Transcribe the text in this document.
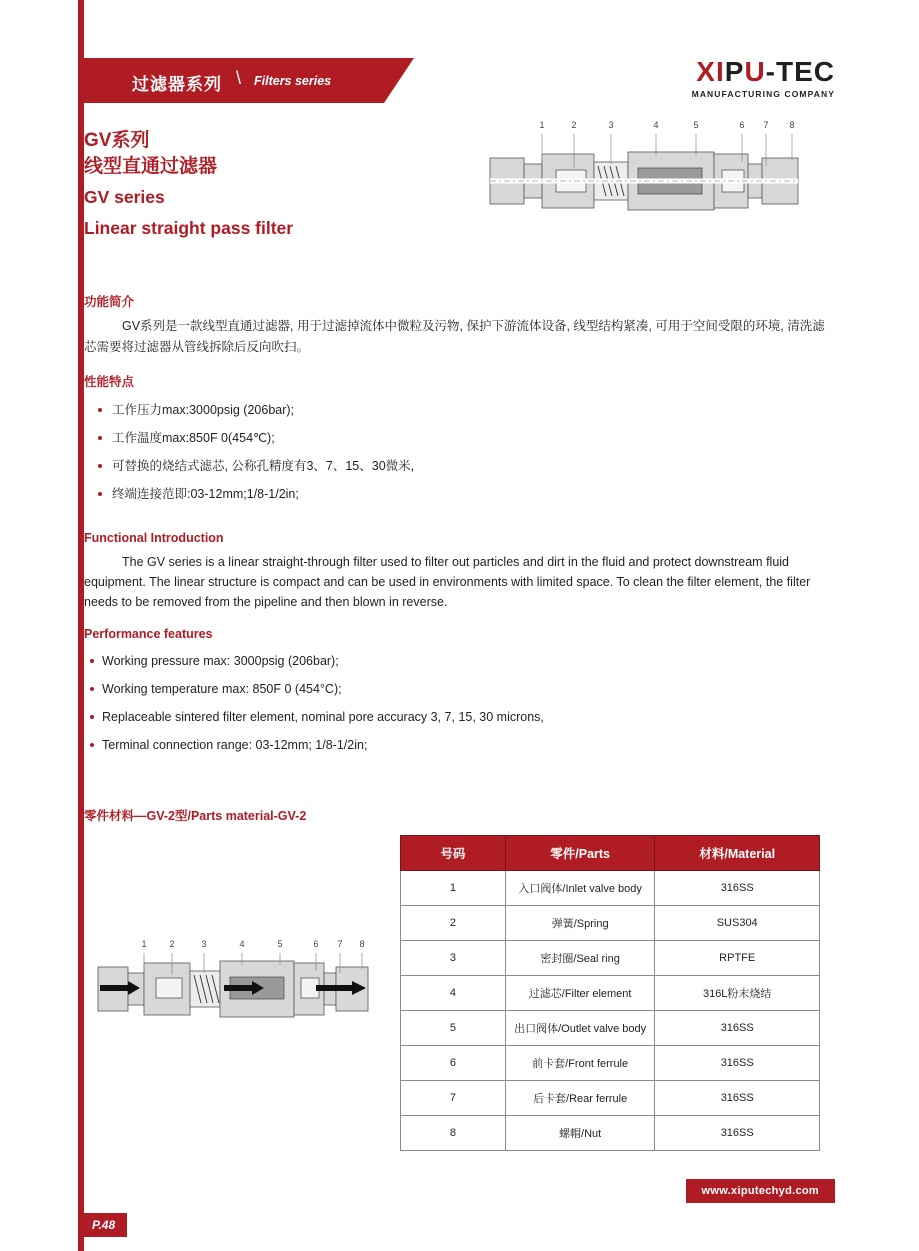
过滤器系列 \ Filters series	XIPU-TEC
MANUFACTURING COMPANY
GV系列
线型直通过滤器
GV series
Linear straight pass filter
1	2	3	4	5	6 7 8
功能简介
GV系列是一款线型直通过滤器, 用于过滤掉流体中微粒及污物, 保护下游流体设备, 线型结构紧凑, 可用于空间受限的环境, 清洗滤芯需要将过滤器从管线拆除后反向吹扫。
性能特点
工作压力max:3000psig (206bar);
工作温度max:850F 0(454℃);
可替换的烧结式滤芯, 公称孔精度有3、7、15、30微米,
终端连接范即:03-12mm;1/8-1/2in;
Functional Introduction
The GV series is a linear straight-through filter used to filter out particles and dirt in the fluid and protect downstream fluid equipment. The linear structure is compact and can be used in environments with limited space. To clean the filter element, the filter needs to be removed from the pipeline and then blown in reverse.
Performance features
Working pressure max: 3000psig (206bar);
Working temperature max: 850F 0 (454°C);
Replaceable sintered filter element, nominal pore accuracy 3, 7, 15, 30 microns,
Terminal connection range: 03-12mm; 1/8-1/2in;
零件材料—GV-2型/Parts material-GV-2
1	2	3	4	5	6 7 8
号码	零件/Parts	材料/Material
1	入口阀体/Inlet valve body	316SS
2	弹簧/Spring	SUS304
3	密封圈/Seal ring	RPTFE
4	过滤芯/Filter element	316L粉末烧结
5	出口阀体/Outlet valve body	316SS
6	前卡套/Front ferrule	316SS
7	后卡套/Rear ferrule	316SS
8	螺帽/Nut	316SS
www.xiputechyd.com
P.48
